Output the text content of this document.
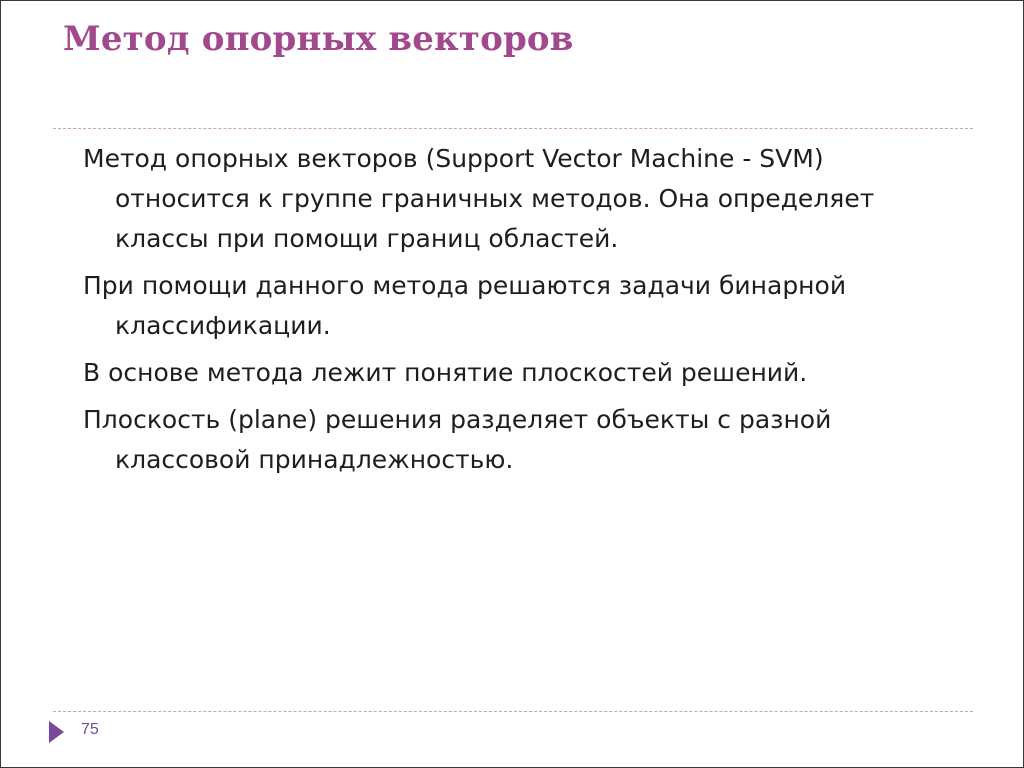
Метод опорных векторов

Метод опорных векторов (Support Vector Machine - SVM) относится к группе граничных методов. Она определяет классы при помощи границ областей.

При помощи данного метода решаются задачи бинарной классификации.

В основе метода лежит понятие плоскостей решений.

Плоскость (plane) решения разделяет объекты с разной классовой принадлежностью.

75
